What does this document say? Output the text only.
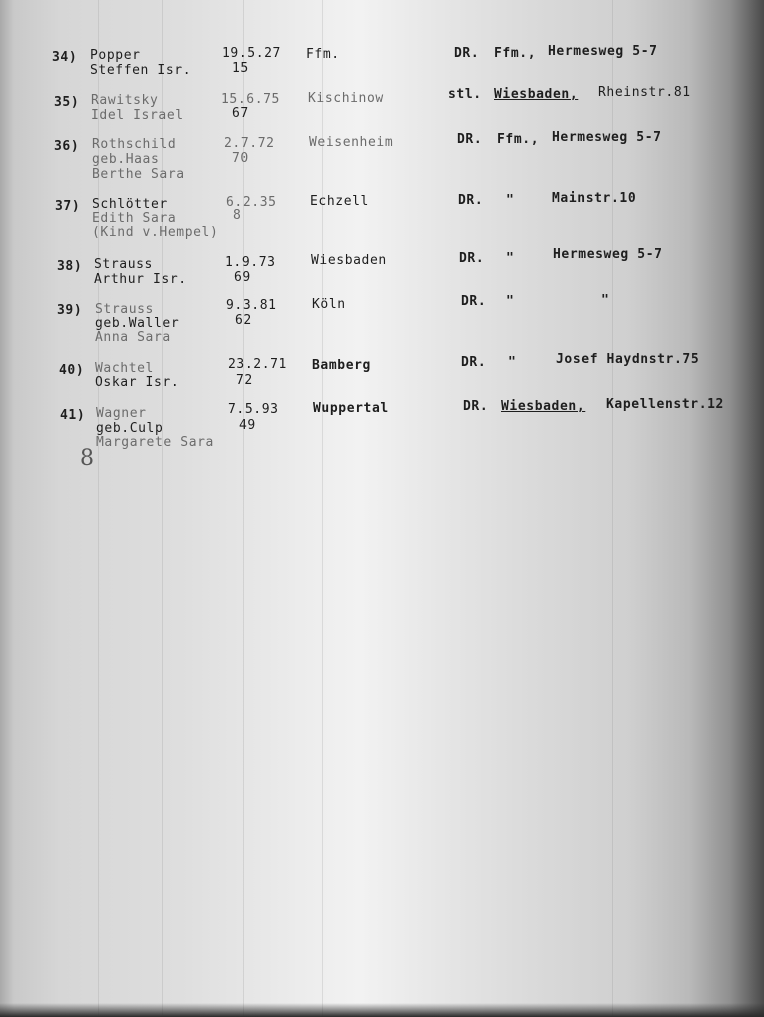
34) Popper
Steffen Isr.
19.5.27
15
Ffm.	DR. Ffm., Hermesweg 5-7
35) Rawitsky
Idel Israel
15.6.75
67
Kischinow	stl. Wiesbaden, Rheinstr.81
36) Rothschild
geb.Haas
Berthe Sara
2.7.72
70
Weisenheim	DR. Ffm., Hermesweg 5-7
37) Schlötter
Edith Sara
(Kind v.Hempel)
6.2.35
8
Echzell	DR. "	Mainstr.10
38) Strauss
Arthur Isr.
1.9.73
69
Wiesbaden	DR. "	Hermesweg 5-7
39) Strauss
geb.Waller
Anna Sara
9.3.81
62
Köln	DR. "	"
40) Wachtel
Oskar Isr.
23.2.71
72
Bamberg	DR. "	Josef Haydnstr.75
41) Wagner
geb.Culp
Margarete Sara
7.5.93
49
Wuppertal	DR. Wiesbaden, Kapellenstr.12
8
